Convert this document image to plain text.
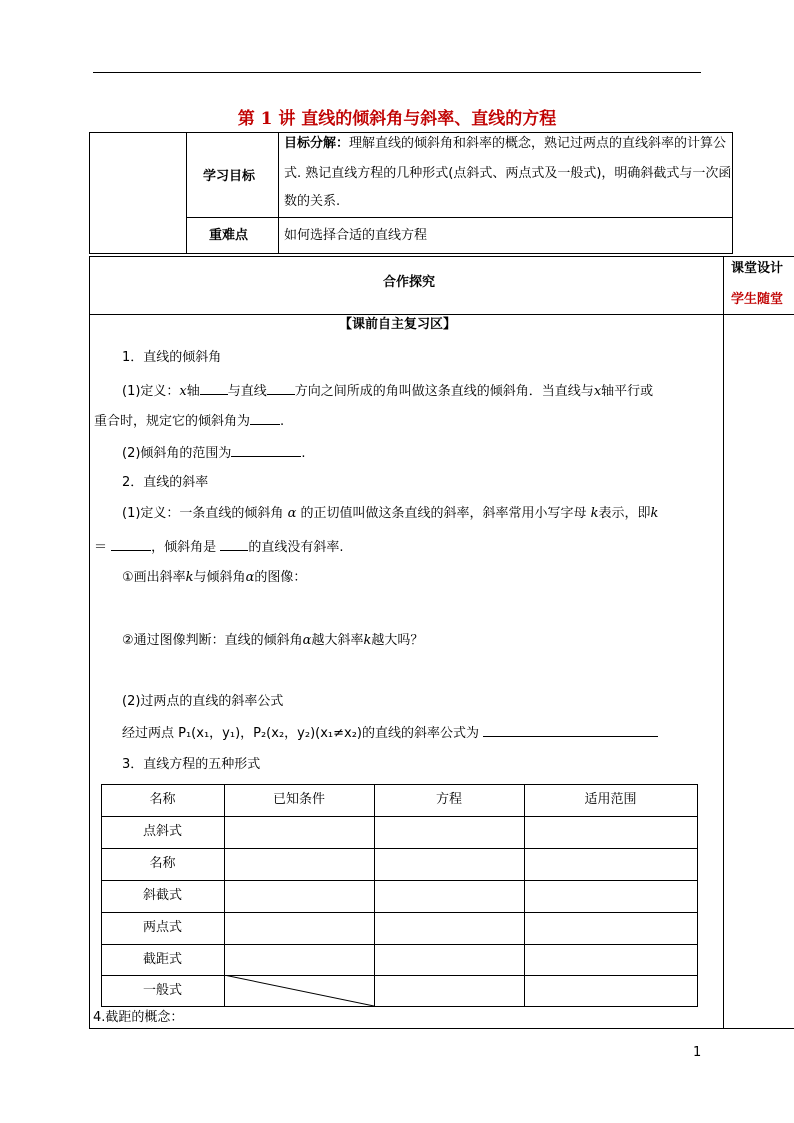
第 1 讲 直线的倾斜角与斜率、直线的方程
学习目标
目标分解：理解直线的倾斜角和斜率的概念，熟记过两点的直线斜率的计算公
式. 熟记直线方程的几种形式(点斜式、两点式及一般式)，明确斜截式与一次函
数的关系.
重难点	如何选择合适的直线方程
合作探究
课堂设计
学生随堂
【课前自主复习区】
1．直线的倾斜角
(1)定义：x轴 与直线 方向之间所成的角叫做这条直线的倾斜角．当直线与x轴平行或
重合时，规定它的倾斜角为 .
(2)倾斜角的范围为	.
2．直线的斜率
(1)定义：一条直线的倾斜角 α 的正切值叫做这条直线的斜率，斜率常用小写字母 k表示，即k
＝	，倾斜角是 的直线没有斜率.
①画出斜率k与倾斜角α的图像：
②通过图像判断：直线的倾斜角α越大斜率k越大吗？
(2)过两点的直线的斜率公式
经过两点 P₁(x₁，y₁)，P₂(x₂，y₂)(x₁≠x₂)的直线的斜率公式为
3．直线方程的五种形式
名称	已知条件	方程	适用范围
点斜式
名称
斜截式
两点式
截距式
一般式
4.截距的概念：
1
